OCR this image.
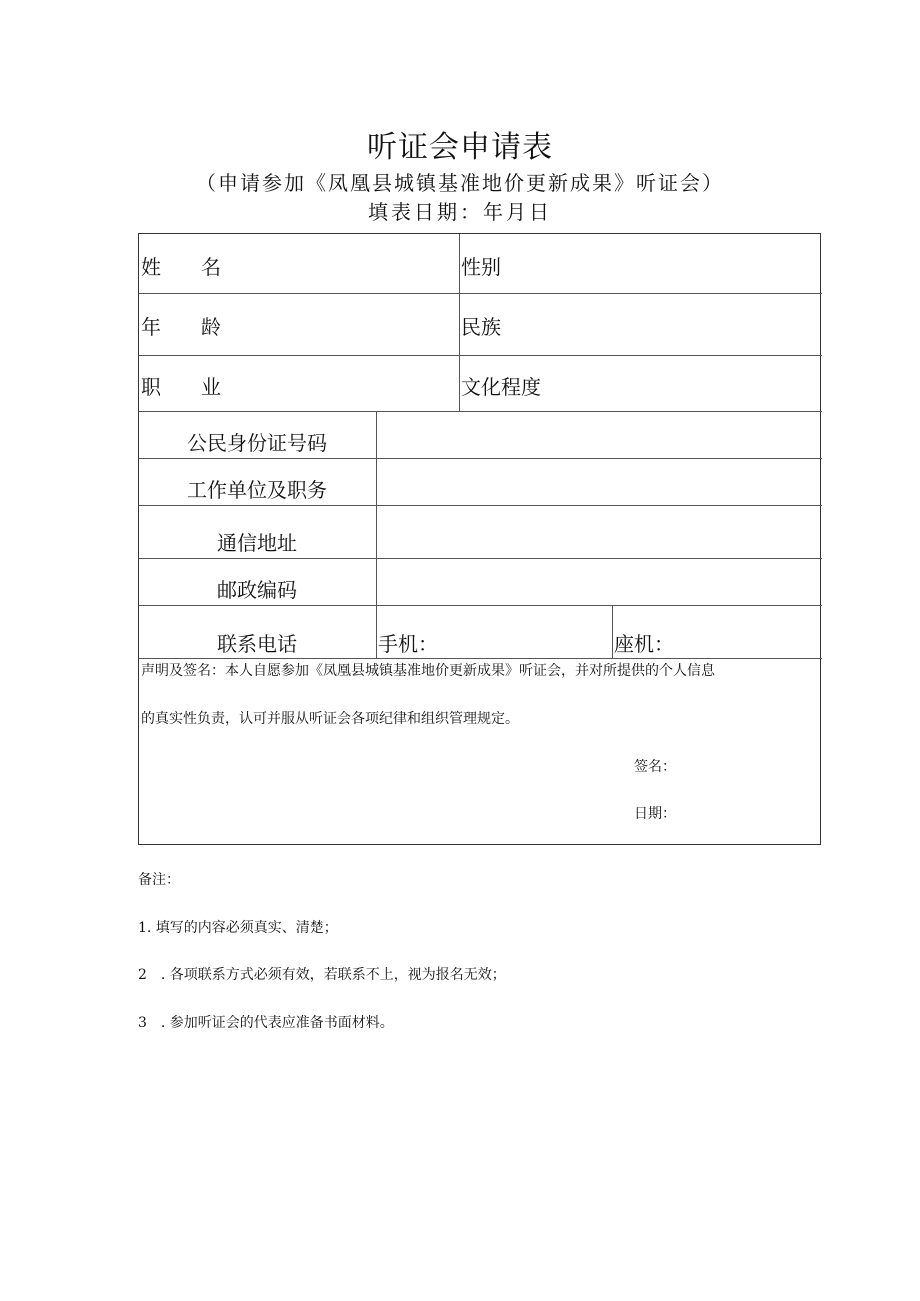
听证会申请表
（申请参加《凤凰县城镇基准地价更新成果》听证会）
填表日期：年月日
姓　　名	性别
年　　龄	民族
职　　业	文化程度
公民身份证号码
工作单位及职务
通信地址
邮政编码
联系电话	手机：	座机：
声明及签名：本人自愿参加《凤凰县城镇基准地价更新成果》听证会，并对所提供的个人信息
的真实性负责，认可并服从听证会各项纪律和组织管理规定。
签名：
日期：
备注：
1. 填写的内容必须真实、清楚；
2　. 各项联系方式必须有效，若联系不上，视为报名无效；
3　. 参加听证会的代表应准备书面材料。
